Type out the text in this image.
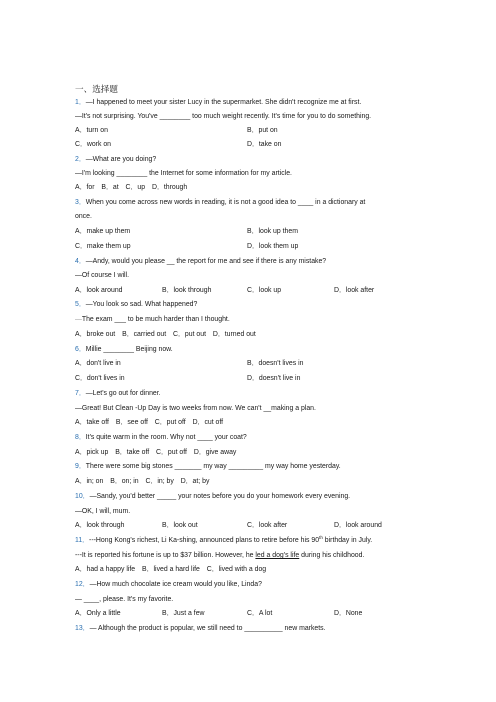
一、选择题
1．—I happened to meet your sister Lucy in the supermarket. She didn't recognize me at first.
—It's not surprising. You've ________ too much weight recently. It's time for you to do something.
A．turn on	B．put on
C．work on	D．take on
2．—What are you doing?
—I'm looking ________ the Internet for some information for my article.
A．for　B．at　C．up　D．through
3．When you come across new words in reading, it is not a good idea to ____ in a dictionary at
once.
A．make up them	B．look up them
C．make them up	D．look them up
4．—Andy, would you please __ the report for me and see if there is any mistake?
—Of course I will.
A．look around	B．look through	C．look up	D．look after
5．—You look so sad. What happened?
—The exam ___ to be much harder than I thought.
A．broke out　B．carried out　C．put out　D．turned out
6．Millie ________ Beijing now.
A．don't live in	B．doesn't lives in
C．don't lives in	D．doesn't live in
7．—Let's go out for dinner.
—Great! But Clean -Up Day is two weeks from now. We can't __making a plan.
A．take off　B．see off　C．put off　D．cut off
8．It's quite warm in the room. Why not ____ your coat?
A．pick up　B．take off　C．put off　D．give away
9．There were some big stones _______ my way _________ my way home yesterday.
A．in; on　B．on; in　C．in; by　D．at; by
10．—Sandy, you'd better _____ your notes before you do your homework every evening.
—OK, I will, mum.
A．look through	B．look out	C．look after	D．look around
11．---Hong Kong's richest, Li Ka-shing, announced plans to retire before his 90th birthday in July.
---It is reported his fortune is up to $37 billion. However, he led a dog's life during his childhood.
A．had a happy life　B．lived a hard life　C．lived with a dog
12．—How much chocolate ice cream would you like, Linda?
— ____, please. It's my favorite.
A．Only a little	B．Just a few	C．A lot	D．None
13．— Although the product is popular, we still need to __________ new markets.
